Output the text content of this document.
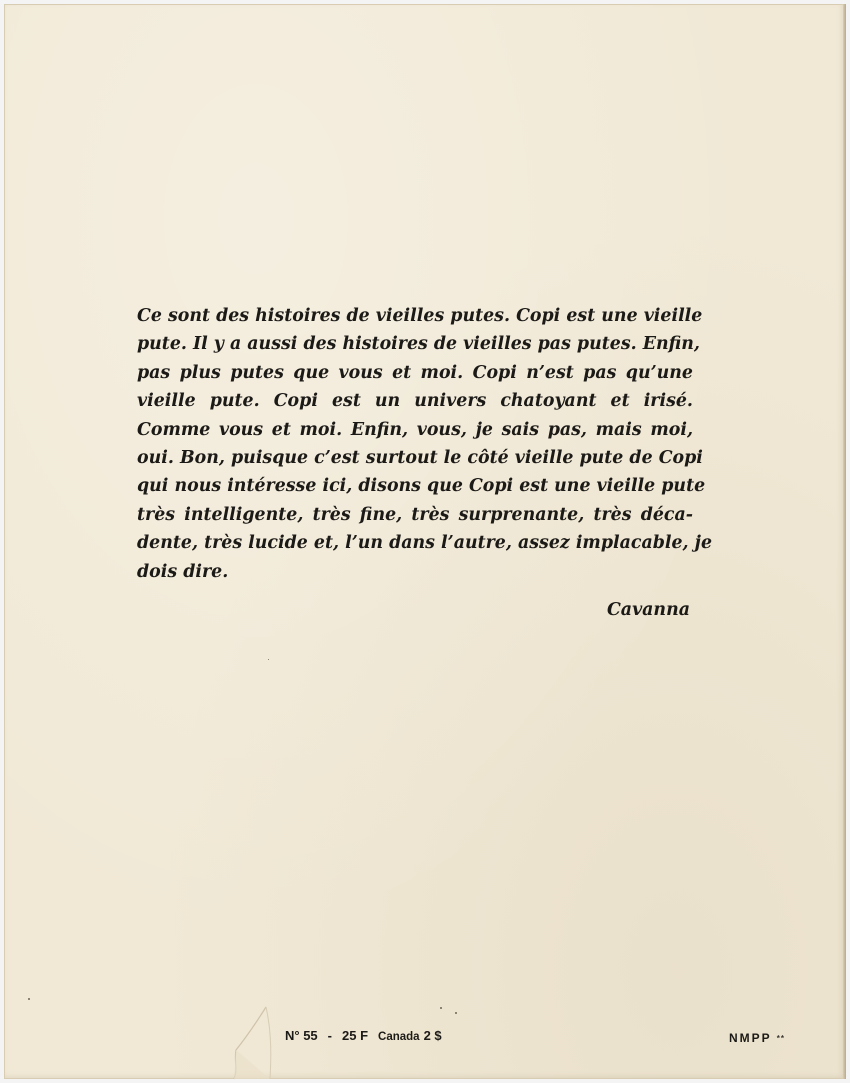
Ce sont des histoires de vieilles putes. Copi est une vieille
pute. Il y a aussi des histoires de vieilles pas putes. Enfin,
pas plus putes que vous et moi. Copi n’est pas qu’une
vieille pute. Copi est un univers chatoyant et irisé.
Comme vous et moi. Enfin, vous, je sais pas, mais moi,
oui. Bon, puisque c’est surtout le côté vieille pute de Copi
qui nous intéresse ici, disons que Copi est une vieille pute
très intelligente, très fine, très surprenante, très déca-
dente, très lucide et, l’un dans l’autre, assez implacable, je
dois dire.
Cavanna
N° 55 - 25 F Canada 2 $	NMPP **
